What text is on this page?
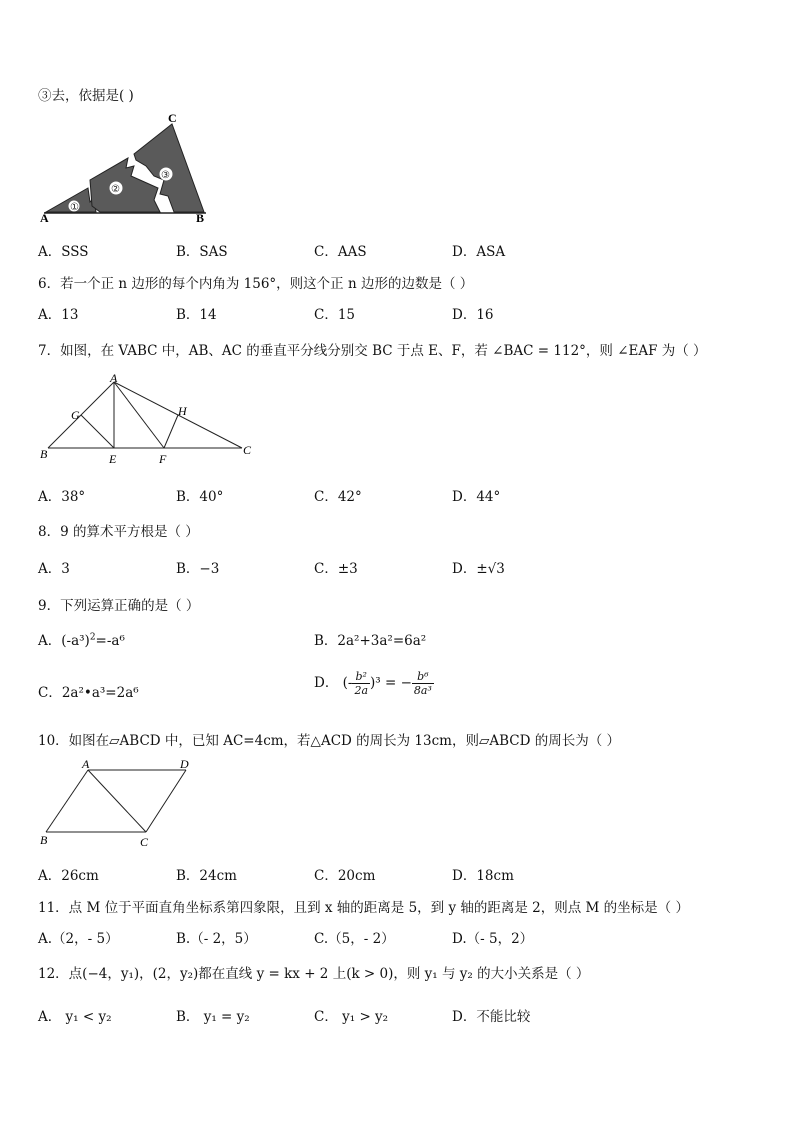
③去，依据是( )
①
②
③
A	B
C
A．SSS	B．SAS	C．AAS	D．ASA
6．若一个正 n 边形的每个内角为 156°，则这个正 n 边形的边数是（ ）
A．13	B．14	C．15	D．16
7．如图，在 VABC 中，AB、AC 的垂直平分线分别交 BC 于点 E、F，若 ∠BAC = 112°，则 ∠EAF 为（ ）
A
B	C
E	F
G	H
A．38°	B．40°	C．42°	D．44°
8．9 的算术平方根是（ ）
A．3	B．−3	C．±3	D．±√3
9．下列运算正确的是（ ）
A．$(-a^3)^2=-a^6$	B．2a²+3a²=6a²
C．2a²•a³=2a⁶
D． (- $\frac{\text{b²}}{2a} )^3$ = − $\frac{\text{b⁶}}{\text{8a³}}$
10．如图在▱ABCD 中，已知 AC=4cm，若△ACD 的周长为 13cm，则▱ABCD 的周长为（ ）
A
B	C
D
A．26cm	B．24cm	C．20cm	D．18cm
11．点 M 位于平面直角坐标系第四象限，且到 x 轴的距离是 5，到 y 轴的距离是 2，则点 M 的坐标是（ ）
A.（2，- 5）	B.（- 2，5）	C.（5，- 2）	D.（- 5，2）
12．点(−4，y₁)，(2，y₂)都在直线 y = kx + 2 上(k > 0)，则 y₁ 与 y₂ 的大小关系是（ ）
A． y₁ < y₂	B． y₁ = y₂	C． y₁ > y₂	D．不能比较
